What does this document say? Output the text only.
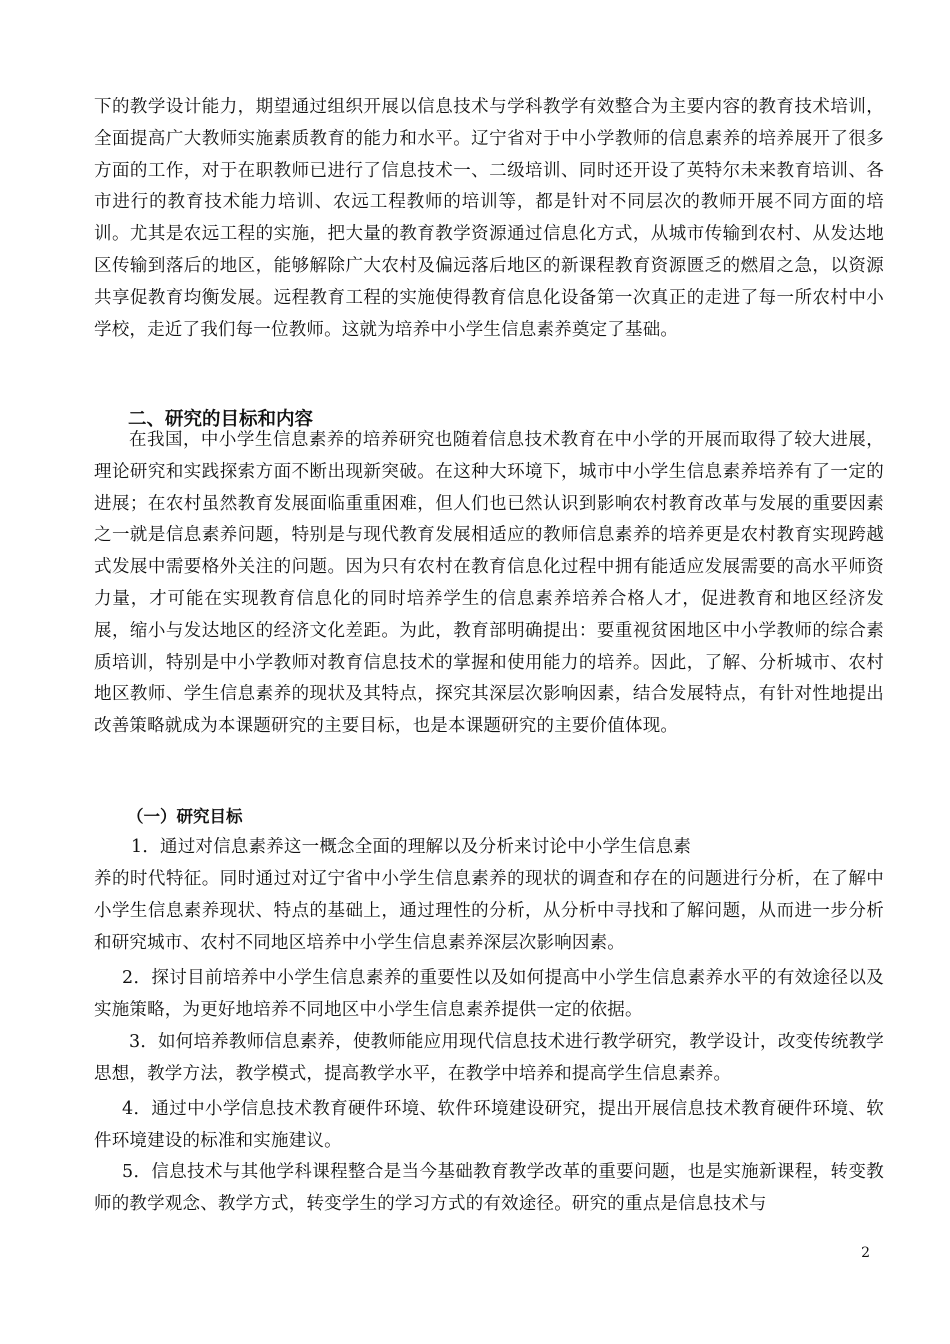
下的教学设计能力，期望通过组织开展以信息技术与学科教学有效整合为主要内容的教育技术培训，全面提高广大教师实施素质教育的能力和水平。辽宁省对于中小学教师的信息素养的培养展开了很多方面的工作，对于在职教师已进行了信息技术一、二级培训、同时还开设了英特尔未来教育培训、各市进行的教育技术能力培训、农远工程教师的培训等，都是针对不同层次的教师开展不同方面的培训。尤其是农远工程的实施，把大量的教育教学资源通过信息化方式，从城市传输到农村、从发达地区传输到落后的地区，能够解除广大农村及偏远落后地区的新课程教育资源匮乏的燃眉之急，以资源共享促教育均衡发展。远程教育工程的实施使得教育信息化设备第一次真正的走进了每一所农村中小学校，走近了我们每一位教师。这就为培养中小学生信息素养奠定了基础。

二、研究的目标和内容

在我国，中小学生信息素养的培养研究也随着信息技术教育在中小学的开展而取得了较大进展，理论研究和实践探索方面不断出现新突破。在这种大环境下，城市中小学生信息素养培养有了一定的进展；在农村虽然教育发展面临重重困难，但人们也已然认识到影响农村教育改革与发展的重要因素之一就是信息素养问题，特别是与现代教育发展相适应的教师信息素养的培养更是农村教育实现跨越式发展中需要格外关注的问题。因为只有农村在教育信息化过程中拥有能适应发展需要的高水平师资力量，才可能在实现教育信息化的同时培养学生的信息素养培养合格人才，促进教育和地区经济发展，缩小与发达地区的经济文化差距。为此，教育部明确提出：要重视贫困地区中小学教师的综合素质培训，特别是中小学教师对教育信息技术的掌握和使用能力的培养。因此，了解、分析城市、农村地区教师、学生信息素养的现状及其特点，探究其深层次影响因素，结合发展特点，有针对性地提出改善策略就成为本课题研究的主要目标，也是本课题研究的主要价值体现。

（一）研究目标

1．通过对信息素养这一概念全面的理解以及分析来讨论中小学生信息素

养的时代特征。同时通过对辽宁省中小学生信息素养的现状的调查和存在的问题进行分析，在了解中小学生信息素养现状、特点的基础上，通过理性的分析，从分析中寻找和了解问题，从而进一步分析和研究城市、农村不同地区培养中小学生信息素养深层次影响因素。

2．探讨目前培养中小学生信息素养的重要性以及如何提高中小学生信息素养水平的有效途径以及实施策略，为更好地培养不同地区中小学生信息素养提供一定的依据。

3．如何培养教师信息素养，使教师能应用现代信息技术进行教学研究，教学设计，改变传统教学思想，教学方法，教学模式，提高教学水平，在教学中培养和提高学生信息素养。

4．通过中小学信息技术教育硬件环境、软件环境建设研究，提出开展信息技术教育硬件环境、软件环境建设的标准和实施建议。

5．信息技术与其他学科课程整合是当今基础教育教学改革的重要问题，也是实施新课程，转变教师的教学观念、教学方式，转变学生的学习方式的有效途径。研究的重点是信息技术与

2
